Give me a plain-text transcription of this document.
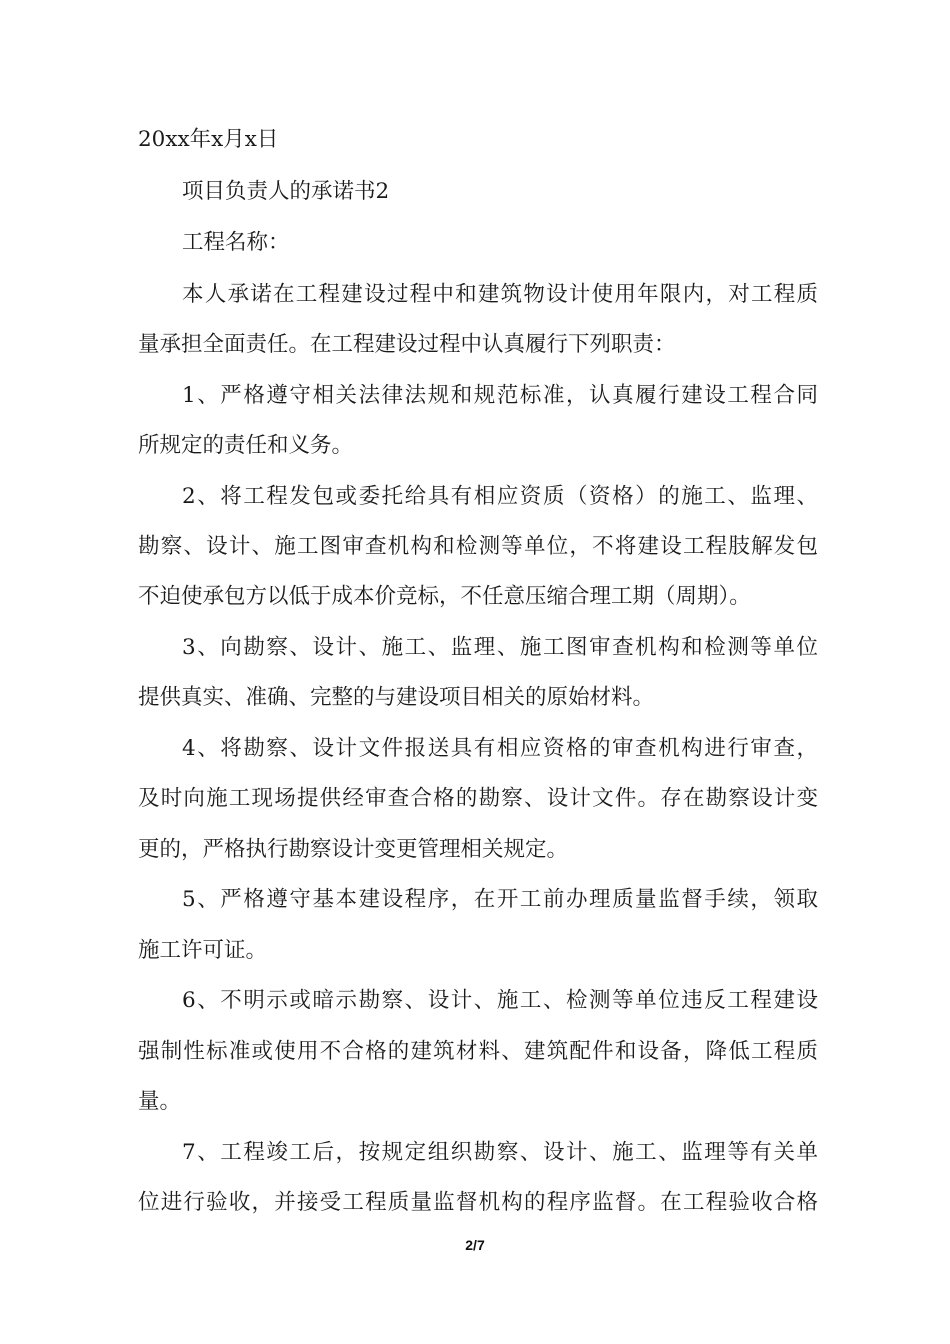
20xx年x月x日
项目负责人的承诺书2
工程名称：
本人承诺在工程建设过程中和建筑物设计使用年限内，对工程质
量承担全面责任。在工程建设过程中认真履行下列职责：
1、严格遵守相关法律法规和规范标准，认真履行建设工程合同
所规定的责任和义务。
2、将工程发包或委托给具有相应资质（资格）的施工、监理、
勘察、设计、施工图审查机构和检测等单位，不将建设工程肢解发包
不迫使承包方以低于成本价竞标，不任意压缩合理工期（周期）。
3、向勘察、设计、施工、监理、施工图审查机构和检测等单位
提供真实、准确、完整的与建设项目相关的原始材料。
4、将勘察、设计文件报送具有相应资格的审查机构进行审查，
及时向施工现场提供经审查合格的勘察、设计文件。存在勘察设计变
更的，严格执行勘察设计变更管理相关规定。
5、严格遵守基本建设程序，在开工前办理质量监督手续，领取
施工许可证。
6、不明示或暗示勘察、设计、施工、检测等单位违反工程建设
强制性标准或使用不合格的建筑材料、建筑配件和设备，降低工程质
量。
7、工程竣工后，按规定组织勘察、设计、施工、监理等有关单
位进行验收，并接受工程质量监督机构的程序监督。在工程验收合格
2/7
